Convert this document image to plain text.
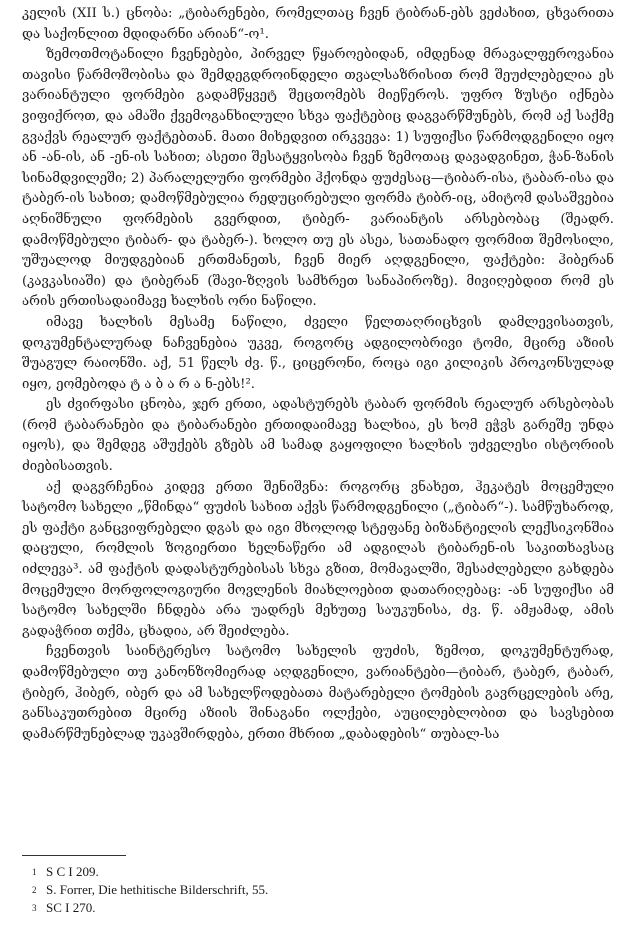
კელის (XII ს.) ცნობა: „ტიბარენები, რომელთაც ჩვენ ტიბრან-ებს ვეძახით, ცხვარითა და საქონლით მდიდარნი არიან“-ო¹.

ზემოთმოტანილი ჩვენებები, პირველ წყაროებიდან, იმდენად მრავალფეროვანია თავისი წარმოშობისა და შემდეგდროინდელი თვალსაზრისით რომ შეუძლებელია ეს ვარიანტული ფორმები გადამწყვეტ შეცთომებს მიეწეროს. უფრო ზუსტი იქნება ვიფიქროთ, და ამაში ქვემოგანხილული სხვა ფაქტებიც დაგვარწმუნებს, რომ აქ საქმე გვაქვს რეალურ ფაქტებთან. მათი მიხედვით ირკვევა: 1) სუფიქსი წარმოდგენილი იყო ან -ან-ის, ან -ენ-ის სახით; ასეთი შესატყვისობა ჩვენ ზემოთაც დავადგინეთ, ჭან-ზანის სინამდვილეში; 2) პარალელური ფორმები ჰქონდა ფუძესაც—ტიბარ-ისა, ტაბარ-ისა და ტაბერ-ის სახით; დამოწმებულია რედუცირებული ფორმა ტიბრ-იც, ამიტომ დასაშვებია აღნიშნული ფორმების გვერდით, ტიბერ- ვარიანტის არსებობაც (შეადრ. დამოწმებული ტიბარ- და ტაბერ-). ხოლო თუ ეს ასეა, სათანადო ფორმით შემოსილი, უშუალოდ მიუდგებიან ერთმანეთს, ჩვენ მიერ აღდგენილი, ფაქტები: ჰიბერან (კავკასიაში) და ტიბერან (შავი-ზღვის სამხრეთ სანაპიროზე). მივიღებდით რომ ეს არის ერთისადაიმავე ხალხის ორი ნაწილი.

იმავე ხალხის მესამე ნაწილი, ძველი წელთაღრიცხვის დამლევისათვის, დოკუმენტალურად ნაჩვენებია უკვე, როგორც ადგილობრივი ტომი, მცირე აზიის შუაგულ რაიონში. აქ, 51 წელს ძვ. წ., ციცერონი, როცა იგი კილიკის პროკონსულად იყო, ეომებოდა ტ ა ბ ა რ ა ნ-ებს!².

ეს ძვირფასი ცნობა, ჯერ ერთი, ადასტურებს ტაბარ ფორმის რეალურ არსებობას (რომ ტაბარანები და ტიბარანები ერთიდაიმავე ხალხია, ეს ხომ ეჭვს გარეშე უნდა იყოს), და შემდეგ აშუქებს გზებს ამ სამად გაყოფილი ხალხის უძველესი ისტორიის ძიებისათვის.

აქ დაგვრჩენია კიდევ ერთი შენიშვნა: როგორც ვნახეთ, ჰეკატეს მოცემული სატომო სახელი „წმინდა“ ფუძის სახით აქვს წარმოდგენილი („ტიბარ“-). სამწუხაროდ, ეს ფაქტი განცვიფრებელი დგას და იგი მხოლოდ სტეფანე ბიზანტიელის ლექსიკონშია დაცული, რომლის ზოგიერთი ხელნაწერი ამ ადგილას ტიბარენ-ის საკითხავსაც იძლევა³. ამ ფაქტის დადასტურებისას სხვა გზით, მომავალში, შესაძლებელი გახდება მოცემული მორფოლოგიური მოვლენის მიახლოებით დათარიღებაც: -ან სუფიქსი ამ სატომო სახელში ჩნდება არა უადრეს მეხუთე საუკუნისა, ძვ. წ. ამჟამად, ამის გადაჭრით თქმა, ცხადია, არ შეიძლება.

ჩვენთვის საინტერესო სატომო სახელის ფუძის, ზემოთ, დოკუმენტურად, დამოწმებული თუ კანონზომიერად აღდგენილი, ვარიანტები—ტიბარ, ტაბერ, ტაბარ, ტიბერ, ჰიბერ, იბერ და ამ სახელწოდებათა მატარებელი ტომების გავრცელების არე, განსაკუთრებით მცირე აზიის შინაგანი ოლქები, აუცილებლობით და სავსებით დამარწმუნებლად უკავშირდება, ერთი მხრით „დაბადების“ თუბალ-სა

1 S C I 209.
2 S. Forrer, Die hethitische Bilderschrift, 55.
3 SC I 270.
